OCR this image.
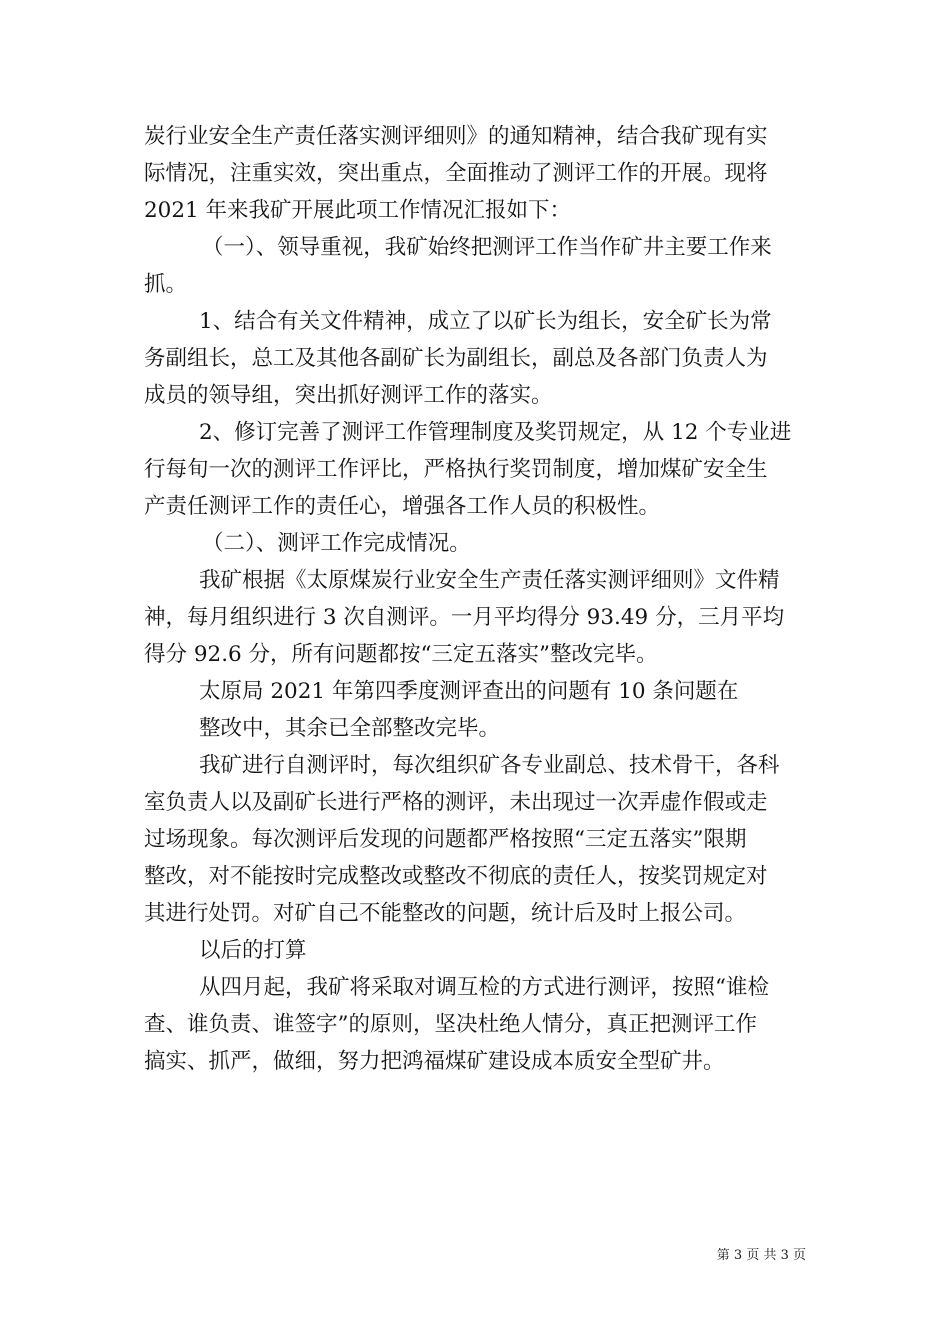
炭行业安全生产责任落实测评细则》的通知精神，结合我矿现有实

际情况，注重实效，突出重点，全面推动了测评工作的开展。现将

2021 年来我矿开展此项工作情况汇报如下：

（一）、领导重视，我矿始终把测评工作当作矿井主要工作来

抓。

1、结合有关文件精神，成立了以矿长为组长，安全矿长为常

务副组长，总工及其他各副矿长为副组长，副总及各部门负责人为

成员的领导组，突出抓好测评工作的落实。

2、修订完善了测评工作管理制度及奖罚规定，从 12 个专业进

行每旬一次的测评工作评比，严格执行奖罚制度，增加煤矿安全生

产责任测评工作的责任心，增强各工作人员的积极性。

（二）、测评工作完成情况。

我矿根据《太原煤炭行业安全生产责任落实测评细则》文件精

神，每月组织进行 3 次自测评。一月平均得分 93.49 分，三月平均

得分 92.6 分，所有问题都按“三定五落实”整改完毕。

太原局 2021 年第四季度测评查出的问题有 10 条问题在

整改中，其余已全部整改完毕。

我矿进行自测评时，每次组织矿各专业副总、技术骨干，各科

室负责人以及副矿长进行严格的测评，未出现过一次弄虚作假或走

过场现象。每次测评后发现的问题都严格按照“三定五落实”限期

整改，对不能按时完成整改或整改不彻底的责任人，按奖罚规定对

其进行处罚。对矿自己不能整改的问题，统计后及时上报公司。

以后的打算

从四月起，我矿将采取对调互检的方式进行测评，按照“谁检

查、谁负责、谁签字”的原则，坚决杜绝人情分，真正把测评工作

搞实、抓严，做细，努力把鸿福煤矿建设成本质安全型矿井。

第 3 页 共 3 页
